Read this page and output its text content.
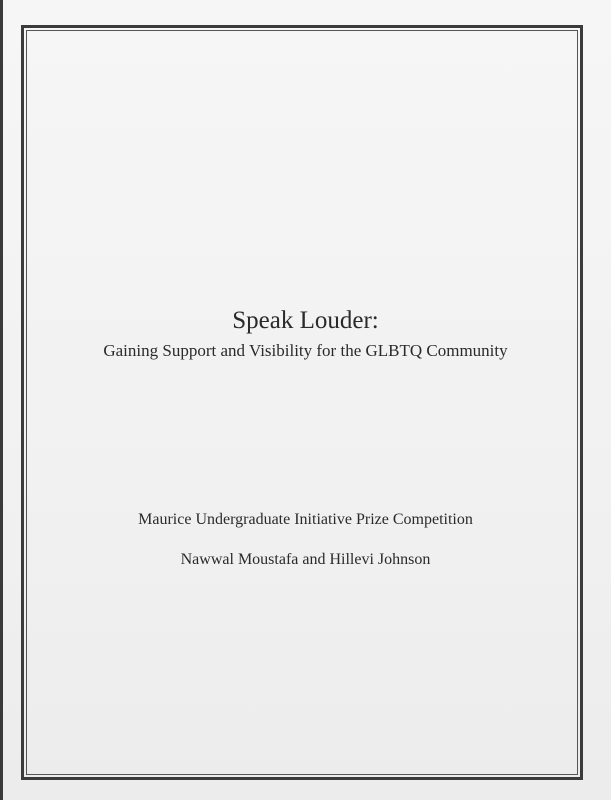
Speak Louder:
Gaining Support and Visibility for the GLBTQ Community
Maurice Undergraduate Initiative Prize Competition
Nawwal Moustafa and Hillevi Johnson
